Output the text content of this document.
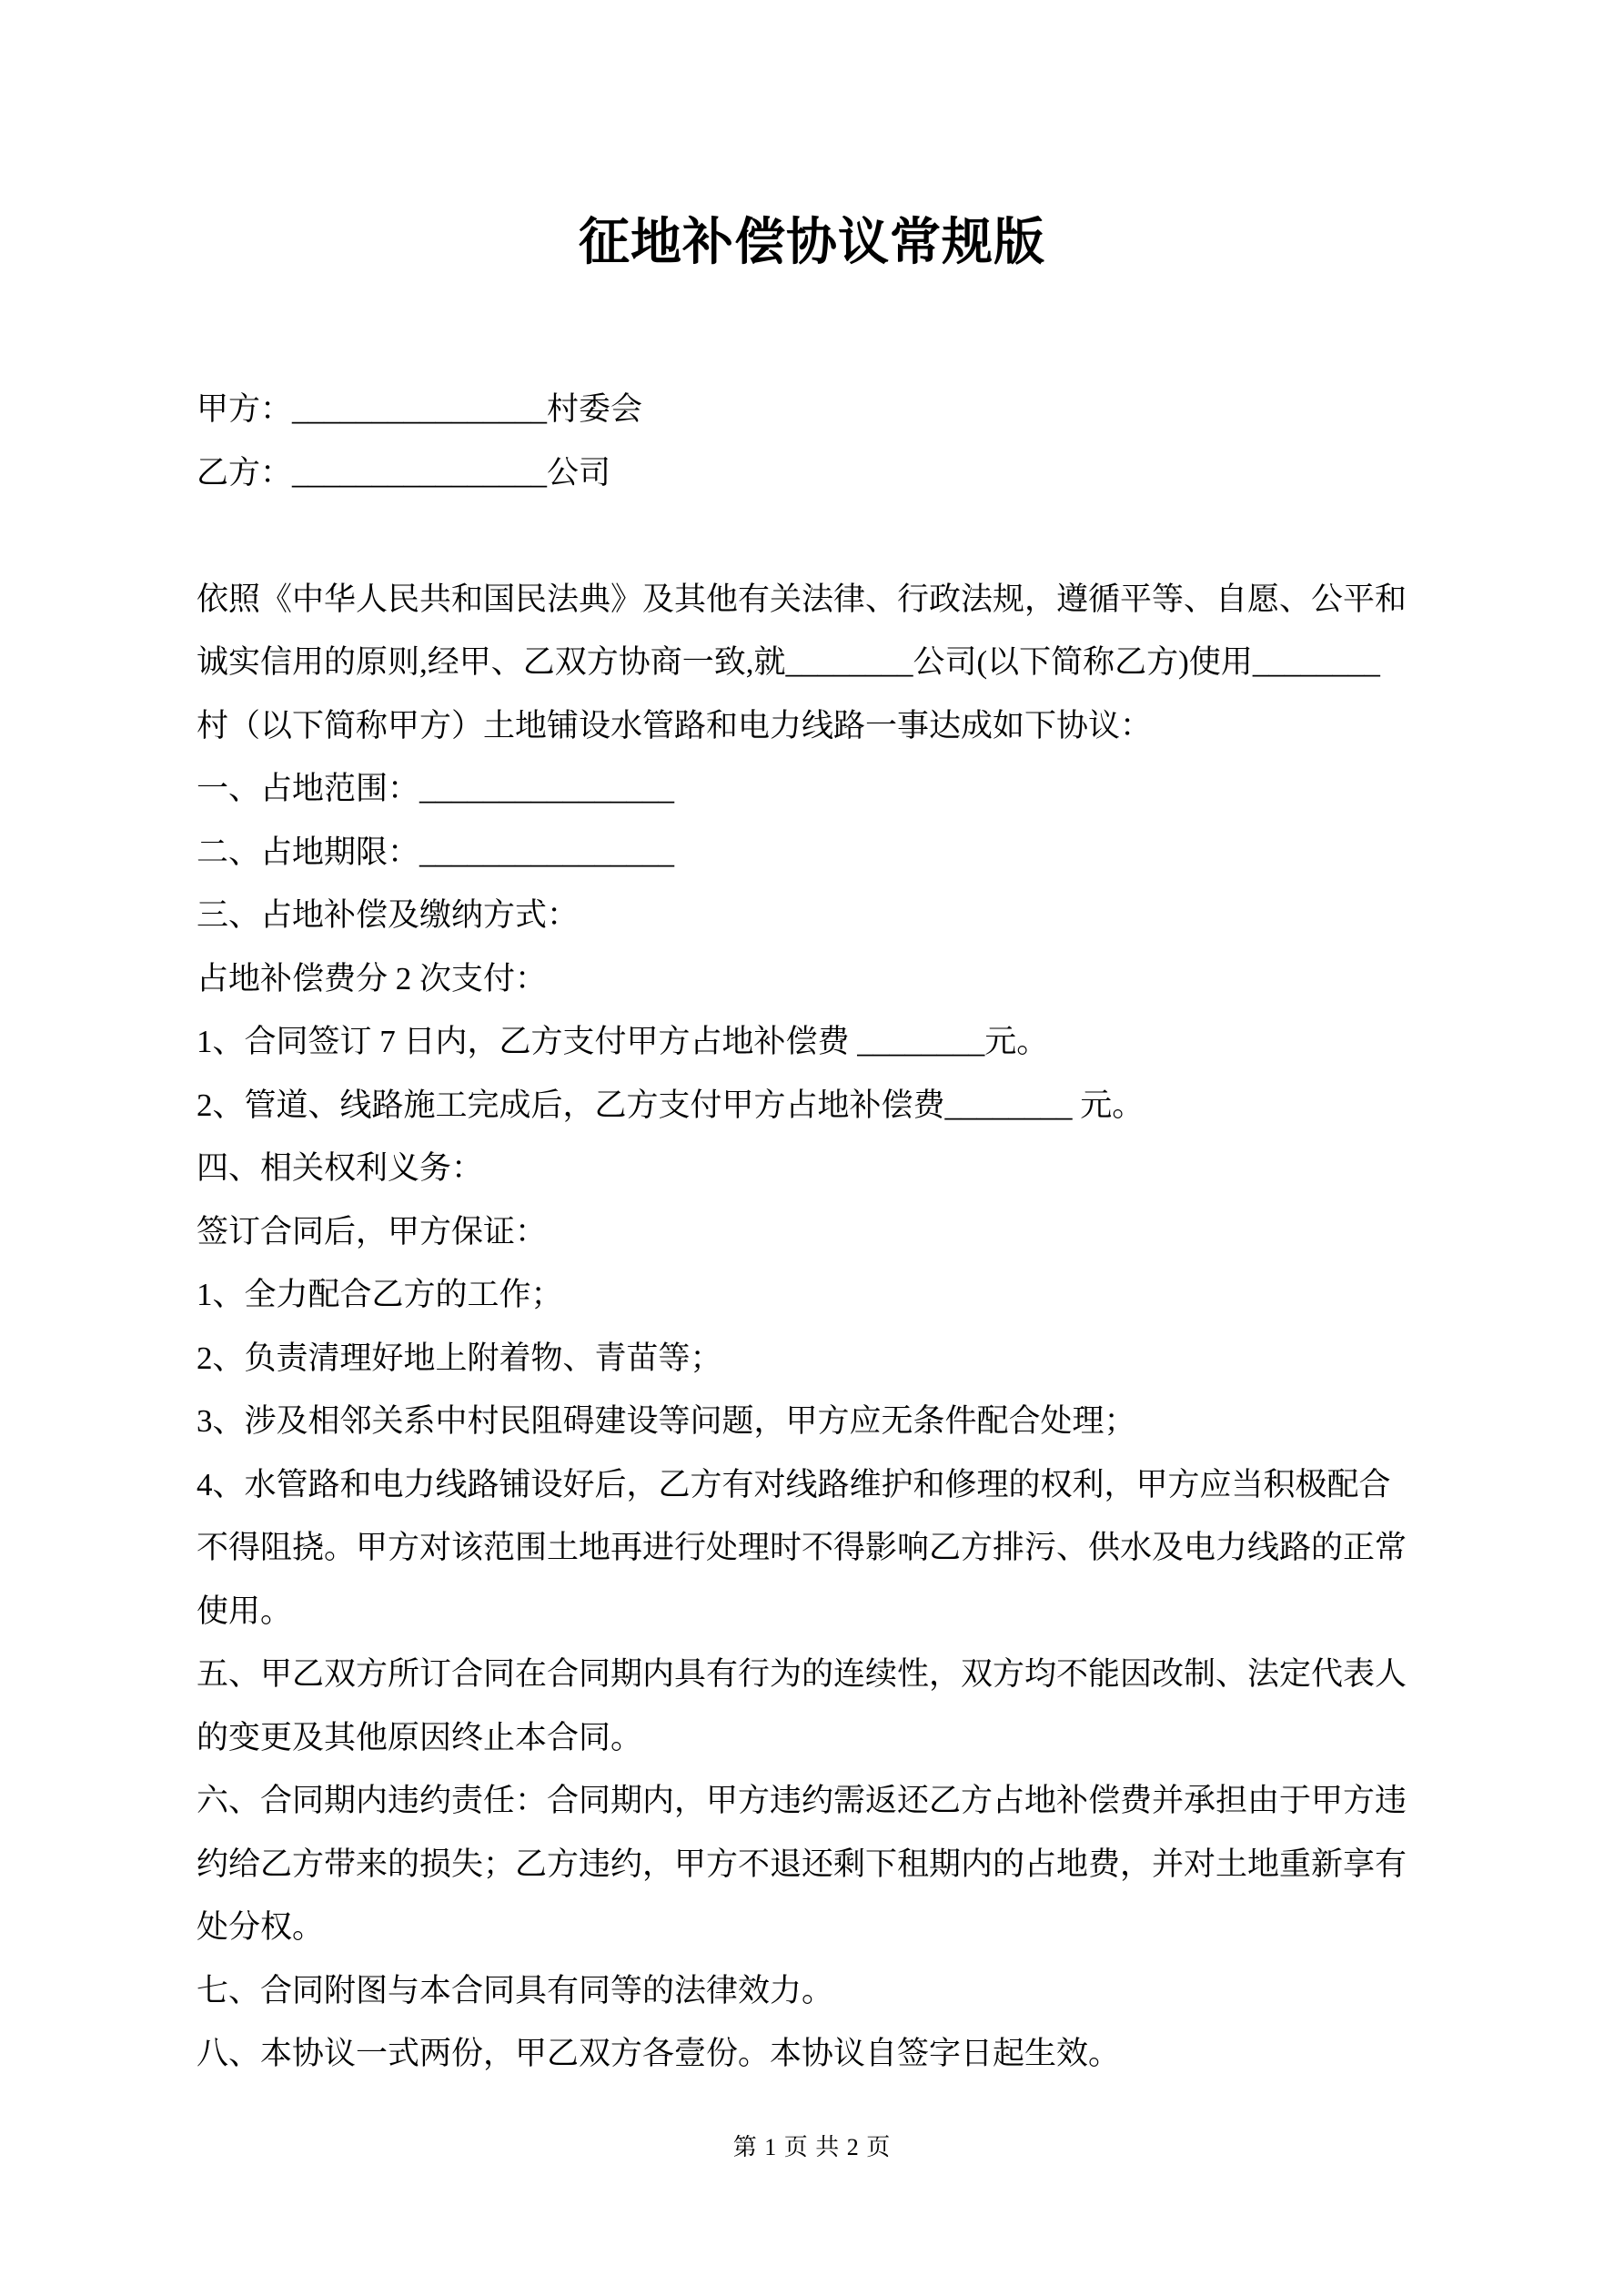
征地补偿协议常规版
甲方：________________村委会
乙方：________________公司
依照《中华人民共和国民法典》及其他有关法律、行政法规，遵循平等、自愿、公平和
诚实信用的原则,经甲、乙双方协商一致,就________公司(以下简称乙方)使用________
村（以下简称甲方）土地铺设水管路和电力线路一事达成如下协议：
一、占地范围：________________
二、占地期限：________________
三、占地补偿及缴纳方式：
占地补偿费分 2 次支付：
1、合同签订 7 日内，乙方支付甲方占地补偿费 ________元。
2、管道、线路施工完成后，乙方支付甲方占地补偿费________ 元。
四、相关权利义务：
签订合同后，甲方保证：
1、全力配合乙方的工作；
2、负责清理好地上附着物、青苗等；
3、涉及相邻关系中村民阻碍建设等问题，甲方应无条件配合处理；
4、水管路和电力线路铺设好后，乙方有对线路维护和修理的权利，甲方应当积极配合
不得阻挠。甲方对该范围土地再进行处理时不得影响乙方排污、供水及电力线路的正常
使用。
五、甲乙双方所订合同在合同期内具有行为的连续性，双方均不能因改制、法定代表人
的变更及其他原因终止本合同。
六、合同期内违约责任：合同期内，甲方违约需返还乙方占地补偿费并承担由于甲方违
约给乙方带来的损失；乙方违约，甲方不退还剩下租期内的占地费，并对土地重新享有
处分权。
七、合同附图与本合同具有同等的法律效力。
八、本协议一式两份，甲乙双方各壹份。本协议自签字日起生效。
第 1 页 共 2 页
